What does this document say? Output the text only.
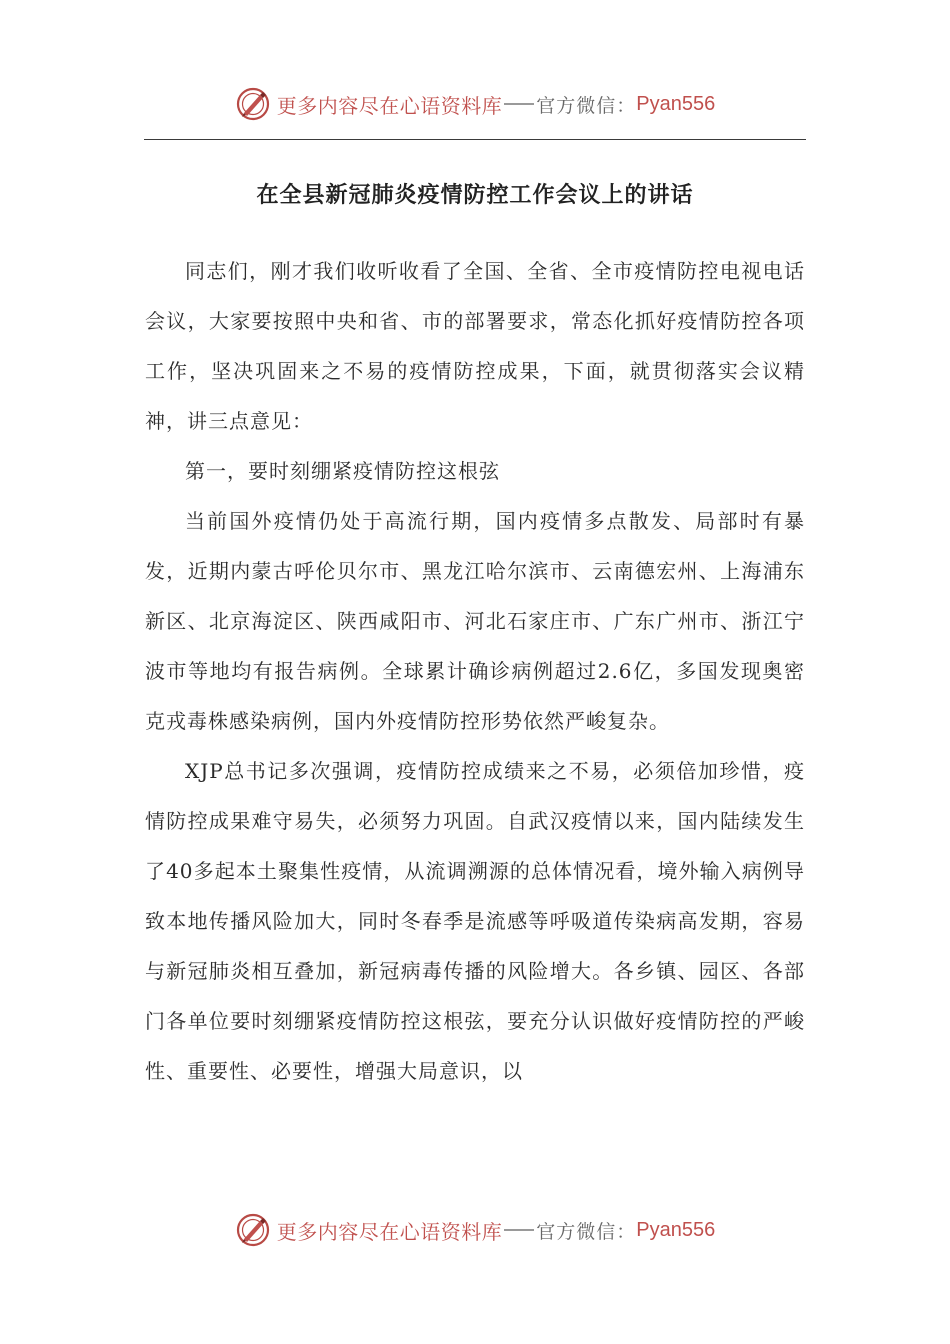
更多内容尽在心语资料库 官方微信： Pyan556
在全县新冠肺炎疫情防控工作会议上的讲话

同志们，刚才我们收听收看了全国、全省、全市疫情防控电视电话会议，大家要按照中央和省、市的部署要求，常态化抓好疫情防控各项工作，坚决巩固来之不易的疫情防控成果，下面，就贯彻落实会议精神，讲三点意见：

第一，要时刻绷紧疫情防控这根弦

当前国外疫情仍处于高流行期，国内疫情多点散发、局部时有暴发，近期内蒙古呼伦贝尔市、黑龙江哈尔滨市、云南德宏州、上海浦东新区、北京海淀区、陕西咸阳市、河北石家庄市、广东广州市、浙江宁波市等地均有报告病例。全球累计确诊病例超过2.6亿，多国发现奥密克戎毒株感染病例，国内外疫情防控形势依然严峻复杂。

XJP总书记多次强调，疫情防控成绩来之不易，必须倍加珍惜，疫情防控成果难守易失，必须努力巩固。自武汉疫情以来，国内陆续发生了40多起本土聚集性疫情，从流调溯源的总体情况看，境外输入病例导致本地传播风险加大，同时冬春季是流感等呼吸道传染病高发期，容易与新冠肺炎相互叠加，新冠病毒传播的风险增大。各乡镇、园区、各部门各单位要时刻绷紧疫情防控这根弦，要充分认识做好疫情防控的严峻性、重要性、必要性，增强大局意识，以

更多内容尽在心语资料库 官方微信： Pyan556
